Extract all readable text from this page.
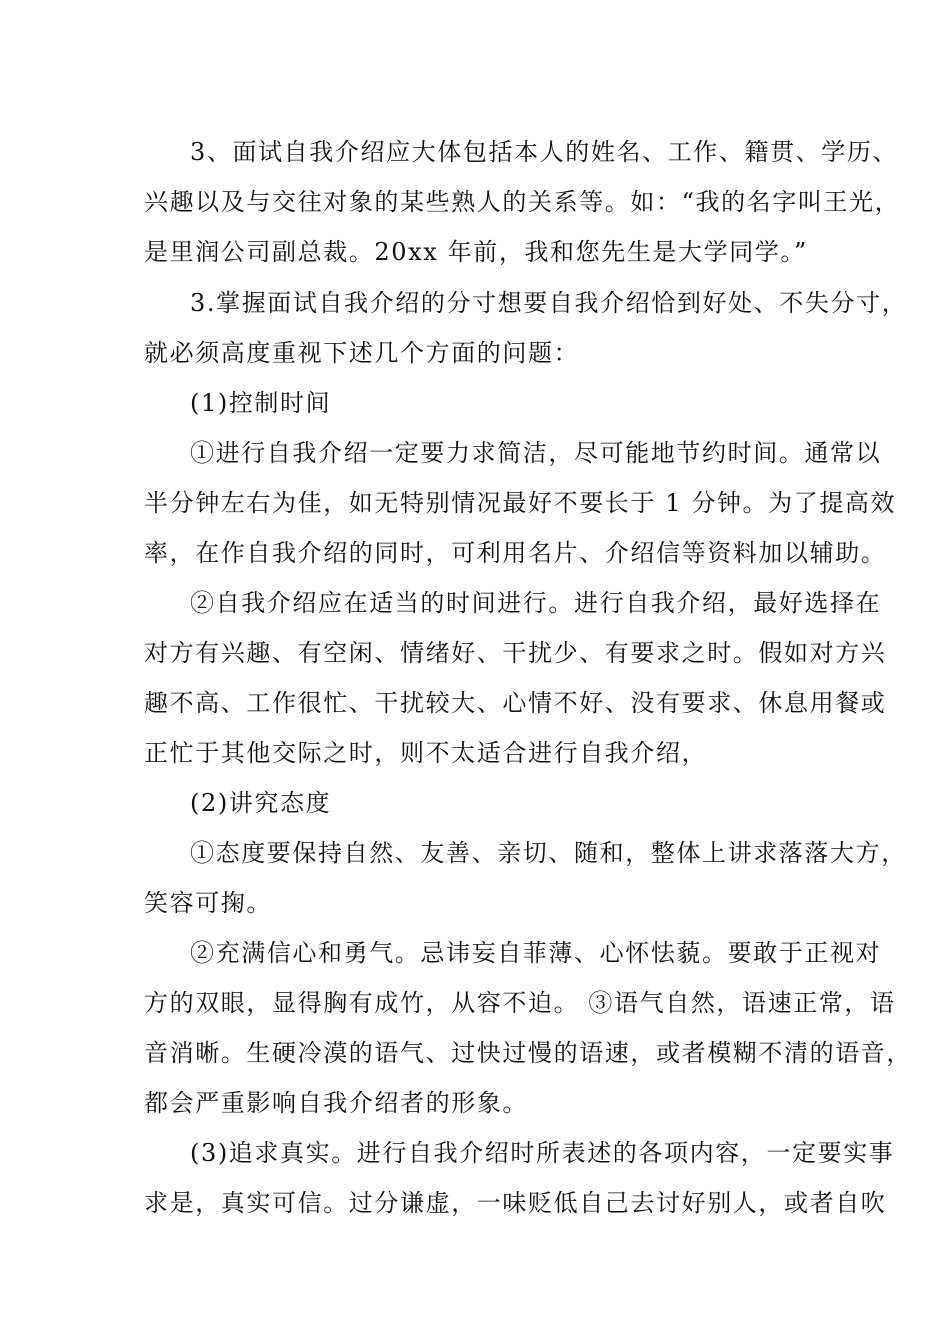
3、面试自我介绍应大体包括本人的姓名、工作、籍贯、学历、
兴趣以及与交往对象的某些熟人的关系等。如：“我的名字叫王光，
是里润公司副总裁。20xx 年前，我和您先生是大学同学。”
3.掌握面试自我介绍的分寸想要自我介绍恰到好处、不失分寸，
就必须高度重视下述几个方面的问题：
(1)控制时间
①进行自我介绍一定要力求简洁，尽可能地节约时间。通常以
半分钟左右为佳，如无特别情况最好不要长于 1 分钟。为了提高效
率，在作自我介绍的同时，可利用名片、介绍信等资料加以辅助。
②自我介绍应在适当的时间进行。进行自我介绍，最好选择在
对方有兴趣、有空闲、情绪好、干扰少、有要求之时。假如对方兴
趣不高、工作很忙、干扰较大、心情不好、没有要求、休息用餐或
正忙于其他交际之时，则不太适合进行自我介绍，
(2)讲究态度
①态度要保持自然、友善、亲切、随和，整体上讲求落落大方，
笑容可掬。
②充满信心和勇气。忌讳妄自菲薄、心怀怯藐。要敢于正视对
方的双眼，显得胸有成竹，从容不迫。 ③语气自然，语速正常，语
音消晰。生硬冷漠的语气、过快过慢的语速，或者模糊不清的语音，
都会严重影响自我介绍者的形象。
(3)追求真实。进行自我介绍时所表述的各项内容，一定要实事
求是，真实可信。过分谦虚，一味贬低自己去讨好别人，或者自吹
